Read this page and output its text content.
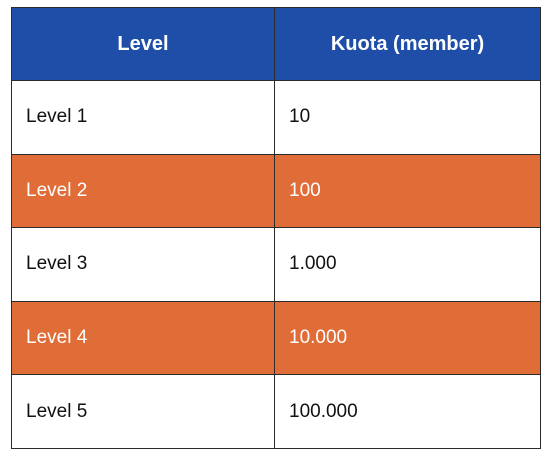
Level	Kuota (member)
Level 1	10
Level 2	100
Level 3	1.000
Level 4	10.000
Level 5	100.000
